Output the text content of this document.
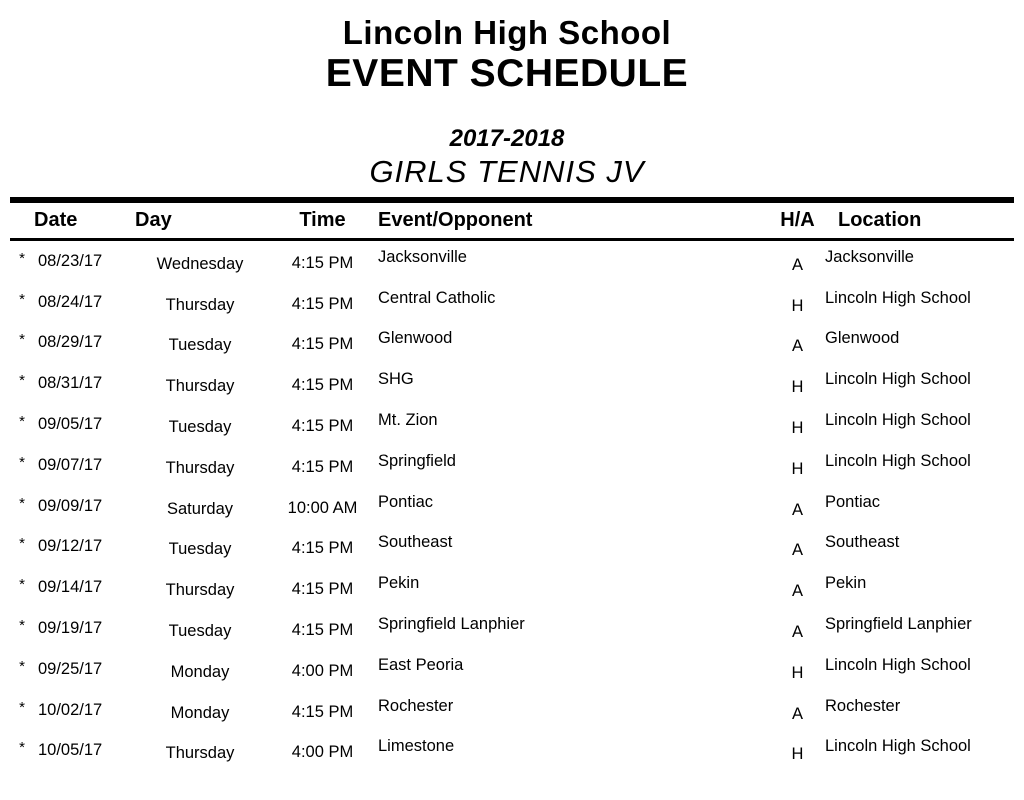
Lincoln High School
EVENT SCHEDULE
2017-2018
GIRLS TENNIS JV
Date	Day	Time	Event/Opponent	H/A	Location
* 08/23/17	Wednesday	4:15 PM	Jacksonville	A	Jacksonville
* 08/24/17	Thursday	4:15 PM	Central Catholic	H	Lincoln High School
* 08/29/17	Tuesday	4:15 PM	Glenwood	A	Glenwood
* 08/31/17	Thursday	4:15 PM	SHG	H	Lincoln High School
* 09/05/17	Tuesday	4:15 PM	Mt. Zion	H	Lincoln High School
* 09/07/17	Thursday	4:15 PM	Springfield	H	Lincoln High School
* 09/09/17	Saturday	10:00 AM	Pontiac	A	Pontiac
* 09/12/17	Tuesday	4:15 PM	Southeast	A	Southeast
* 09/14/17	Thursday	4:15 PM	Pekin	A	Pekin
* 09/19/17	Tuesday	4:15 PM	Springfield Lanphier	A	Springfield Lanphier
* 09/25/17	Monday	4:00 PM	East Peoria	H	Lincoln High School
* 10/02/17	Monday	4:15 PM	Rochester	A	Rochester
* 10/05/17	Thursday	4:00 PM	Limestone	H	Lincoln High School
